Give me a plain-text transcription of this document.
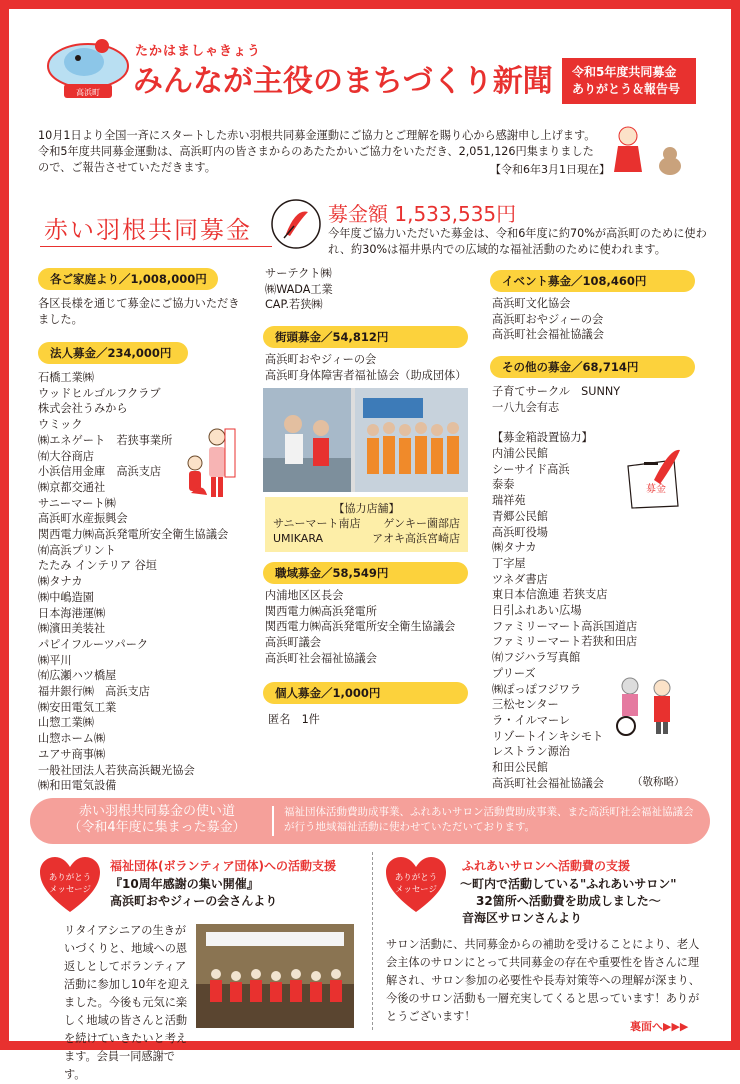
高浜町
たかはましゃきょう
みんなが主役のまちづくり新聞 令和5年度共同募金
ありがとう＆報告号
10月1日より全国一斉にスタートした赤い羽根共同募金運動にご協力とご理解を賜り心から感謝申し上げます。令和5年度共同募金運動は、高浜町内の皆さまからのあたたかいご協力をいただき、2,051,126円集まりましたので、ご報告させていただきます。	【令和6年3月1日現在】
赤い羽根共同募金
募金額 1,533,535円
今年度ご協力いただいた募金は、令和6年度に約70%が高浜町のために使われ、約30%は福井県内での広域的な福祉活動のために使われます。
各ご家庭より／1,008,000円
各区長様を通じて募金にご協力いただき
ました。
法人募金／234,000円
石橋工業㈱
ウッドヒルゴルフクラブ
株式会社うみから
ウミック
㈱エネゲート　若狭事業所
㈲大谷商店
小浜信用金庫　高浜支店
㈱京都交通社
サニーマート㈱
高浜町水産振興会
関西電力㈱高浜発電所安全衛生協議会
㈲高浜プリント
たたみ インテリア 谷垣
㈱タナカ
㈱中嶋造園
日本海港運㈱
㈱濱田美装社
パピイフルーツパーク
㈱平川
㈲広瀬ハツ橋屋
福井銀行㈱　高浜支店
㈱安田電気工業
山惣工業㈱
山惣ホーム㈱
ユアサ商事㈱
一般社団法人若狭高浜観光協会
㈱和田電気設備
サーテクト㈱
㈱WADA工業
CAP.若狭㈱
街頭募金／54,812円
高浜町おやジィーの会
高浜町身体障害者福祉協会（助成団体）
【協力店舗】
サニーマート南店 ゲンキー薗部店
UMIKARA	アオキ高浜宮崎店
職域募金／58,549円
内浦地区区長会
関西電力㈱高浜発電所
関西電力㈱高浜発電所安全衛生協議会
高浜町議会
高浜町社会福祉協議会
個人募金／1,000円
匿名　1件
イベント募金／108,460円
高浜町文化協会
高浜町おやジィーの会
高浜町社会福祉協議会
その他の募金／68,714円
子育てサークル　SUNNY
一八九会有志
【募金箱設置協力】
内浦公民館
シーサイド高浜
泰泰
瑞祥苑
青郷公民館
高浜町役場
㈱タナカ
丁字屋
ツネダ書店
東日本信漁連 若狭支店
日引ふれあい広場
ファミリーマート高浜国道店
ファミリーマート若狭和田店
㈲フジハラ写真館
プリーズ
㈱ぽっぽフジワラ
三松センター
ラ・イルマーレ
リゾートインキシモト
レストラン源治
和田公民館
高浜町社会福祉協議会
募金
（敬称略）
赤い羽根共同募金の使い道
（令和4年度に集まった募金）
福祉団体活動費助成事業、ふれあいサロン活動費助成事業、また高浜町社会福祉協議会が行う地域福祉活動に使わせていただいております。
ありがとう
メッセージ
福祉団体(ボランティア団体)への活動支援
『10周年感謝の集い開催』
高浜町おやジィーの会さんより
リタイアシニアの生きがいづくりと、地域への恩返しとしてボランティア活動に参加し10年を迎えました。今後も元気に楽しく地域の皆さんと活動を続けていきたいと考えます。会員一同感謝です。
ありがとう
メッセージ
ふれあいサロンへ活動費の支援
～町内で活動している"ふれあいサロン"
32箇所へ活動費を助成しました～
音海区サロンさんより
サロン活動に、共同募金からの補助を受けることにより、老人会主体のサロンにとって共同募金の存在や重要性を皆さんに理解され、サロン参加の必要性や長寿対策等への理解が深まり、今後のサロン活動も一層充実してくると思っています！ありがとうございます！
裏面へ▶▶▶
